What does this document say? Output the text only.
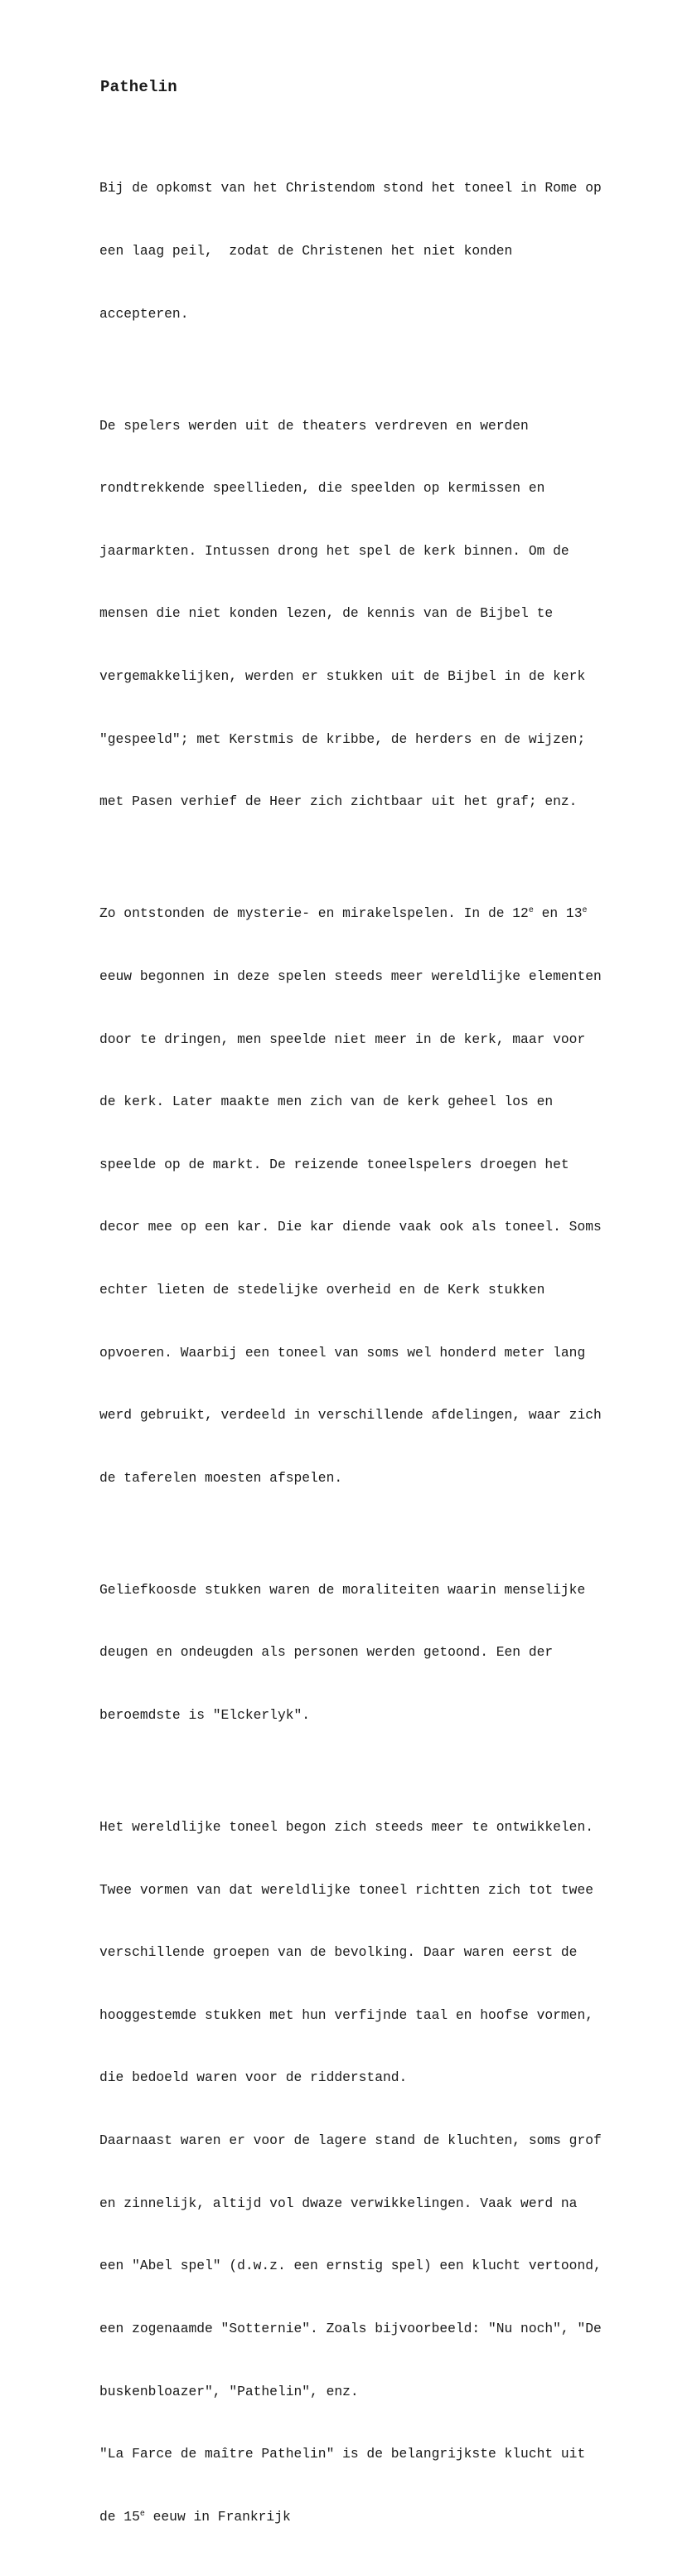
Pathelin

Bij de opkomst van het Christendom stond het toneel in Rome op

een laag peil,  zodat de Christenen het niet konden

accepteren.

De spelers werden uit de theaters verdreven en werden

rondtrekkende speellieden, die speelden op kermissen en

jaarmarkten. Intussen drong het spel de kerk binnen. Om de

mensen die niet konden lezen, de kennis van de Bijbel te

vergemakkelijken, werden er stukken uit de Bijbel in de kerk

"gespeeld"; met Kerstmis de kribbe, de herders en de wijzen;

met Pasen verhief de Heer zich zichtbaar uit het graf; enz.

Zo ontstonden de mysterie- en mirakelspelen. In de 12e en 13e

eeuw begonnen in deze spelen steeds meer wereldlijke elementen

door te dringen, men speelde niet meer in de kerk, maar voor

de kerk. Later maakte men zich van de kerk geheel los en

speelde op de markt. De reizende toneelspelers droegen het

decor mee op een kar. Die kar diende vaak ook als toneel. Soms

echter lieten de stedelijke overheid en de Kerk stukken

opvoeren. Waarbij een toneel van soms wel honderd meter lang

werd gebruikt, verdeeld in verschillende afdelingen, waar zich

de taferelen moesten afspelen.

Geliefkoosde stukken waren de moraliteiten waarin menselijke

deugen en ondeugden als personen werden getoond. Een der

beroemdste is "Elckerlyk".

Het wereldlijke toneel begon zich steeds meer te ontwikkelen.

Twee vormen van dat wereldlijke toneel richtten zich tot twee

verschillende groepen van de bevolking. Daar waren eerst de

hooggestemde stukken met hun verfijnde taal en hoofse vormen,

die bedoeld waren voor de ridderstand.

Daarnaast waren er voor de lagere stand de kluchten, soms grof

en zinnelijk, altijd vol dwaze verwikkelingen. Vaak werd na

een "Abel spel" (d.w.z. een ernstig spel) een klucht vertoond,

een zogenaamde "Sotternie". Zoals bijvoorbeeld: "Nu noch", "De

buskenbloazer", "Pathelin", enz.

"La Farce de maître Pathelin" is de belangrijkste klucht uit

de 15e eeuw in Frankrijk
